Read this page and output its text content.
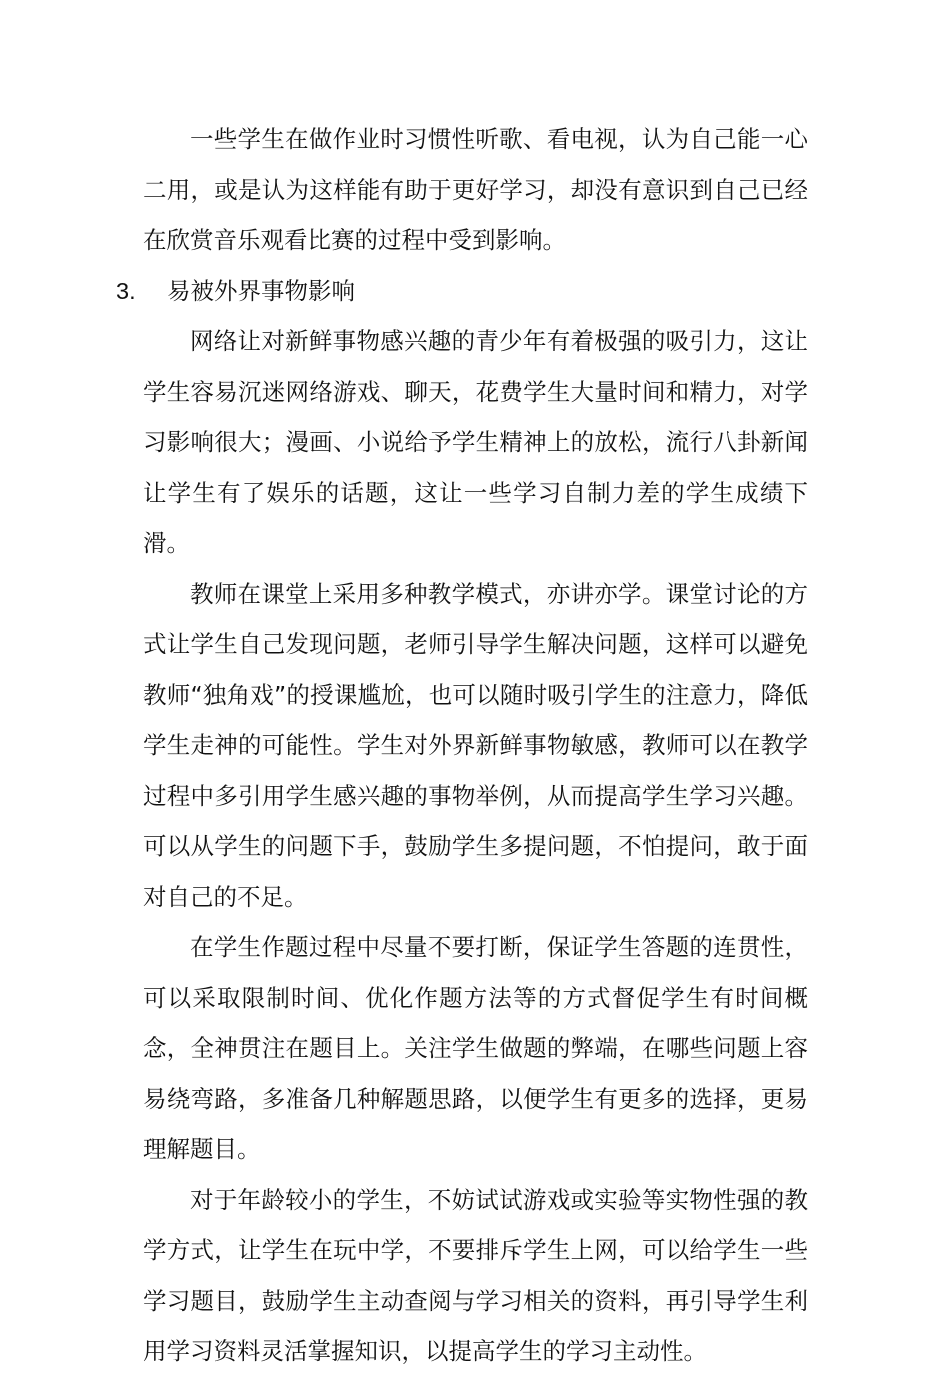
一些学生在做作业时习惯性听歌、看电视，认为自己能一心二用，或是认为这样能有助于更好学习，却没有意识到自己已经在欣赏音乐观看比赛的过程中受到影响。

3. 易被外界事物影响

网络让对新鲜事物感兴趣的青少年有着极强的吸引力，这让学生容易沉迷网络游戏、聊天，花费学生大量时间和精力，对学习影响很大；漫画、小说给予学生精神上的放松，流行八卦新闻让学生有了娱乐的话题，这让一些学习自制力差的学生成绩下滑。

教师在课堂上采用多种教学模式，亦讲亦学。课堂讨论的方式让学生自己发现问题，老师引导学生解决问题，这样可以避免教师“独角戏”的授课尴尬，也可以随时吸引学生的注意力，降低学生走神的可能性。学生对外界新鲜事物敏感，教师可以在教学过程中多引用学生感兴趣的事物举例，从而提高学生学习兴趣。可以从学生的问题下手，鼓励学生多提问题，不怕提问，敢于面对自己的不足。

在学生作题过程中尽量不要打断，保证学生答题的连贯性，可以采取限制时间、优化作题方法等的方式督促学生有时间概念，全神贯注在题目上。关注学生做题的弊端，在哪些问题上容易绕弯路，多准备几种解题思路，以便学生有更多的选择，更易理解题目。

对于年龄较小的学生，不妨试试游戏或实验等实物性强的教学方式，让学生在玩中学，不要排斥学生上网，可以给学生一些学习题目，鼓励学生主动查阅与学习相关的资料，再引导学生利用学习资料灵活掌握知识，以提高学生的学习主动性。
